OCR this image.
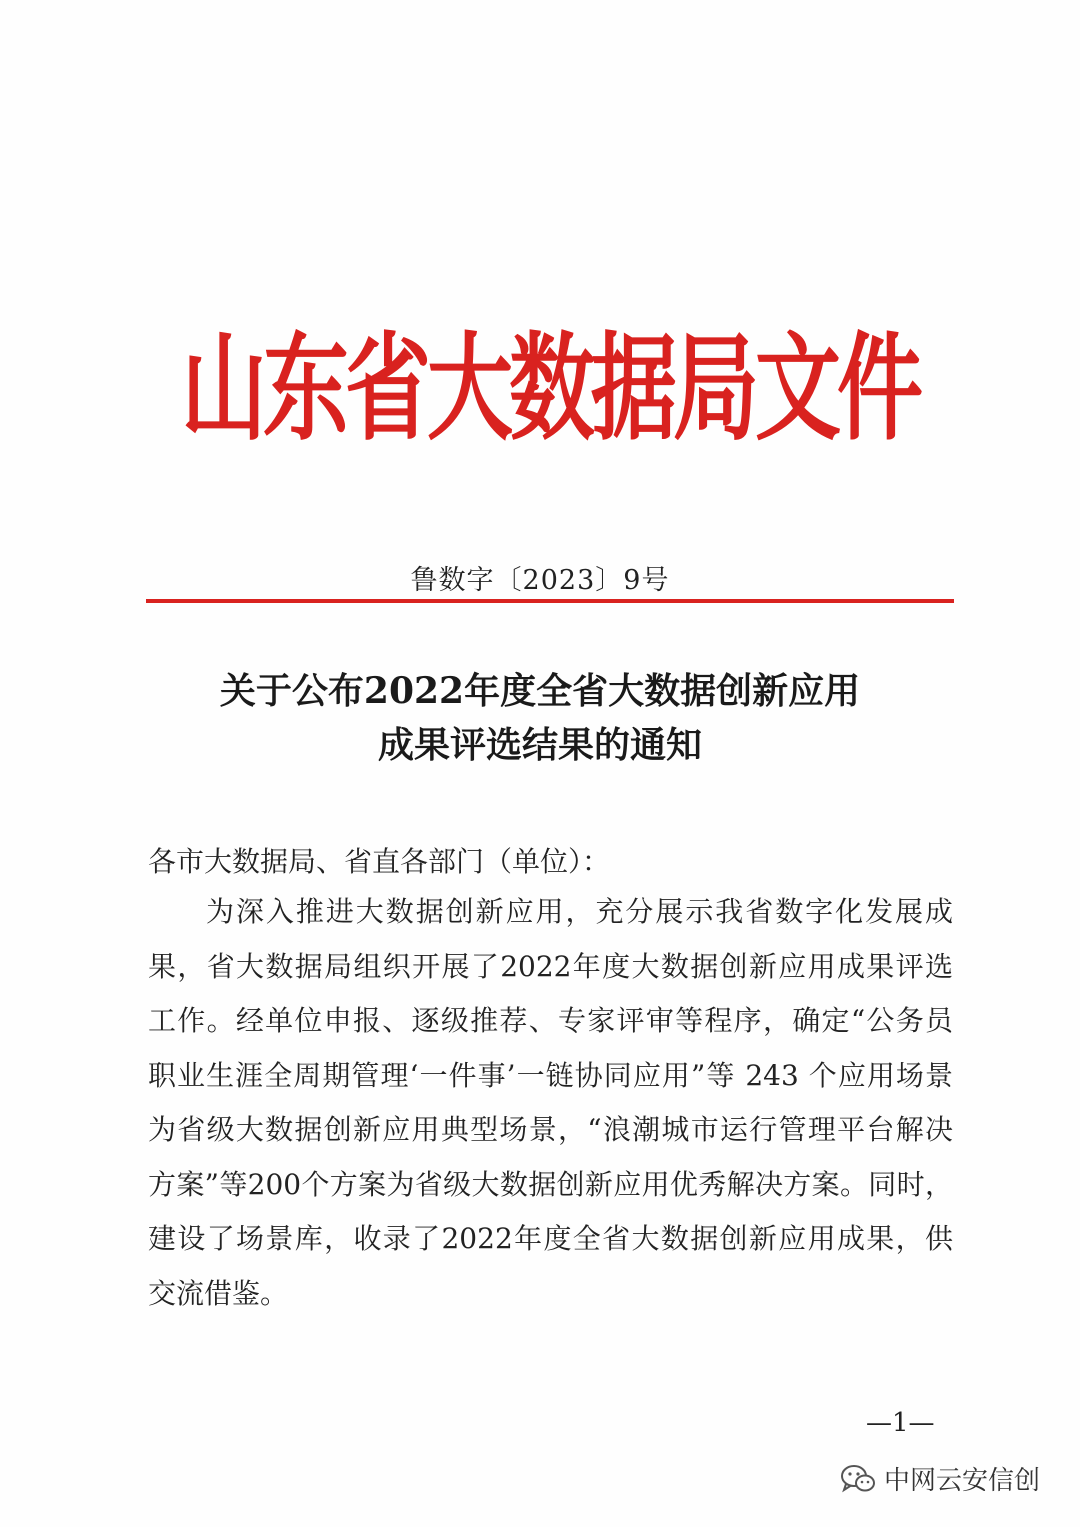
山东省大数据局文件
鲁数字〔2023〕9号
关于公布2022年度全省大数据创新应用
成果评选结果的通知
各市大数据局、省直各部门（单位）：
为深入推进大数据创新应用，充分展示我省数字化发展成
果，省大数据局组织开展了2022年度大数据创新应用成果评选
工作。经单位申报、逐级推荐、专家评审等程序，确定“公务员
职业生涯全周期管理‘一件事’一链协同应用”等 243 个应用场景
为省级大数据创新应用典型场景，“浪潮城市运行管理平台解决
方案”等200个方案为省级大数据创新应用优秀解决方案。同时，
建设了场景库，收录了2022年度全省大数据创新应用成果，供
交流借鉴。
—1—
中网云安信创
